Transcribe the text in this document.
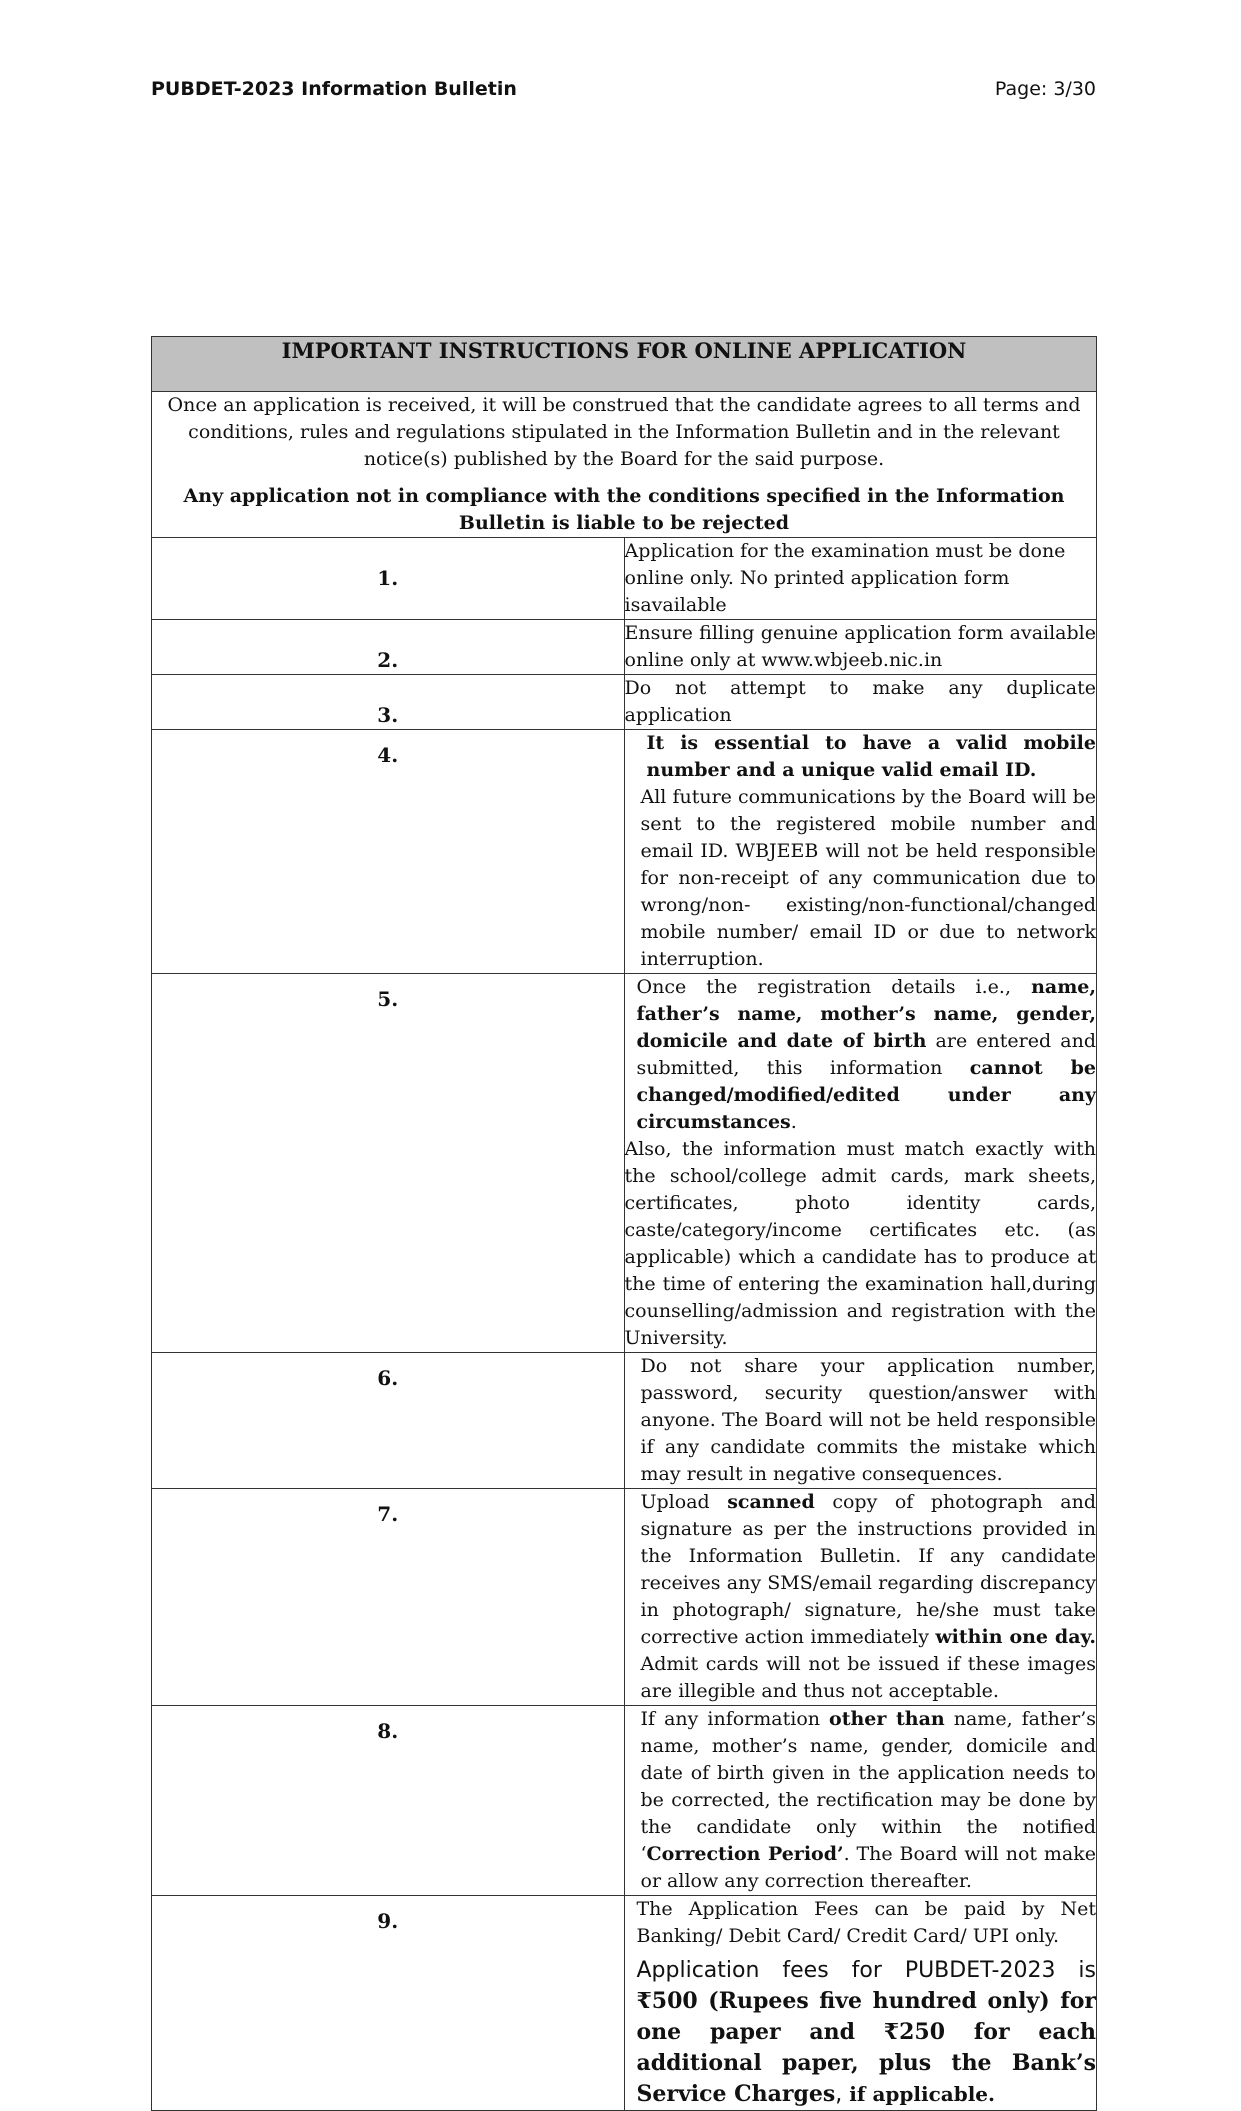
PUBDET-2023 Information Bulletin	Page: 3/30
IMPORTANT INSTRUCTIONS FOR ONLINE APPLICATION	

Once an application is received, it will be construed that the candidate agrees to all terms and conditions, rules and regulations stipulated in the Information Bulletin and in the relevant notice(s) published by the Board for the said purpose.

Any application not in compliance with the conditions specified in the Information Bulletin is liable to be rejected	

1.	Application for the examination must be done online only. No printed application form isavailable

2.	Ensure filling genuine application form available online only at www.wbjeeb.nic.in

3.	Do not attempt to make any duplicate application

4.	It is essential to have a valid mobile number and a unique valid email ID.

All future communications by the Board will be sent to the registered mobile number and email ID. WBJEEB will not be held responsible for non-receipt of any communication due to wrong/non- existing/non-functional/changed mobile number/ email ID or due to network interruption.

5.	Once the registration details i.e., name, father’s name, mother’s name, gender, domicile and date of birth are entered and submitted, this information cannot be changed/modified/edited under any circumstances.

Also, the information must match exactly with the school/college admit cards, mark sheets, certificates, photo identity cards, caste/category/income certificates etc. (as applicable) which a candidate has to produce at the time of entering the examination hall,during counselling/admission and registration with the University.

6.	Do not share your application number, password, security question/answer with anyone. The Board will not be held responsible if any candidate commits the mistake which may result in negative consequences.

7.	Upload scanned copy of photograph and signature as per the instructions provided in the Information Bulletin. If any candidate receives any SMS/email regarding discrepancy in photograph/ signature, he/she must take corrective action immediately within one day. Admit cards will not be issued if these images are illegible and thus not acceptable.

8.	If any information other than name, father’s name, mother’s name, gender, domicile and date of birth given in the application needs to be corrected, the rectification may be done by the candidate only within the notified ‘Correction Period’. The Board will not make or allow any correction thereafter.

9.	The Application Fees can be paid by Net Banking/ Debit Card/ Credit Card/ UPI only.

Application fees for PUBDET-2023 is ₹500 (Rupees five hundred only) for one paper and ₹250 for each additional paper, plus the Bank’s Service Charges, if applicable.
